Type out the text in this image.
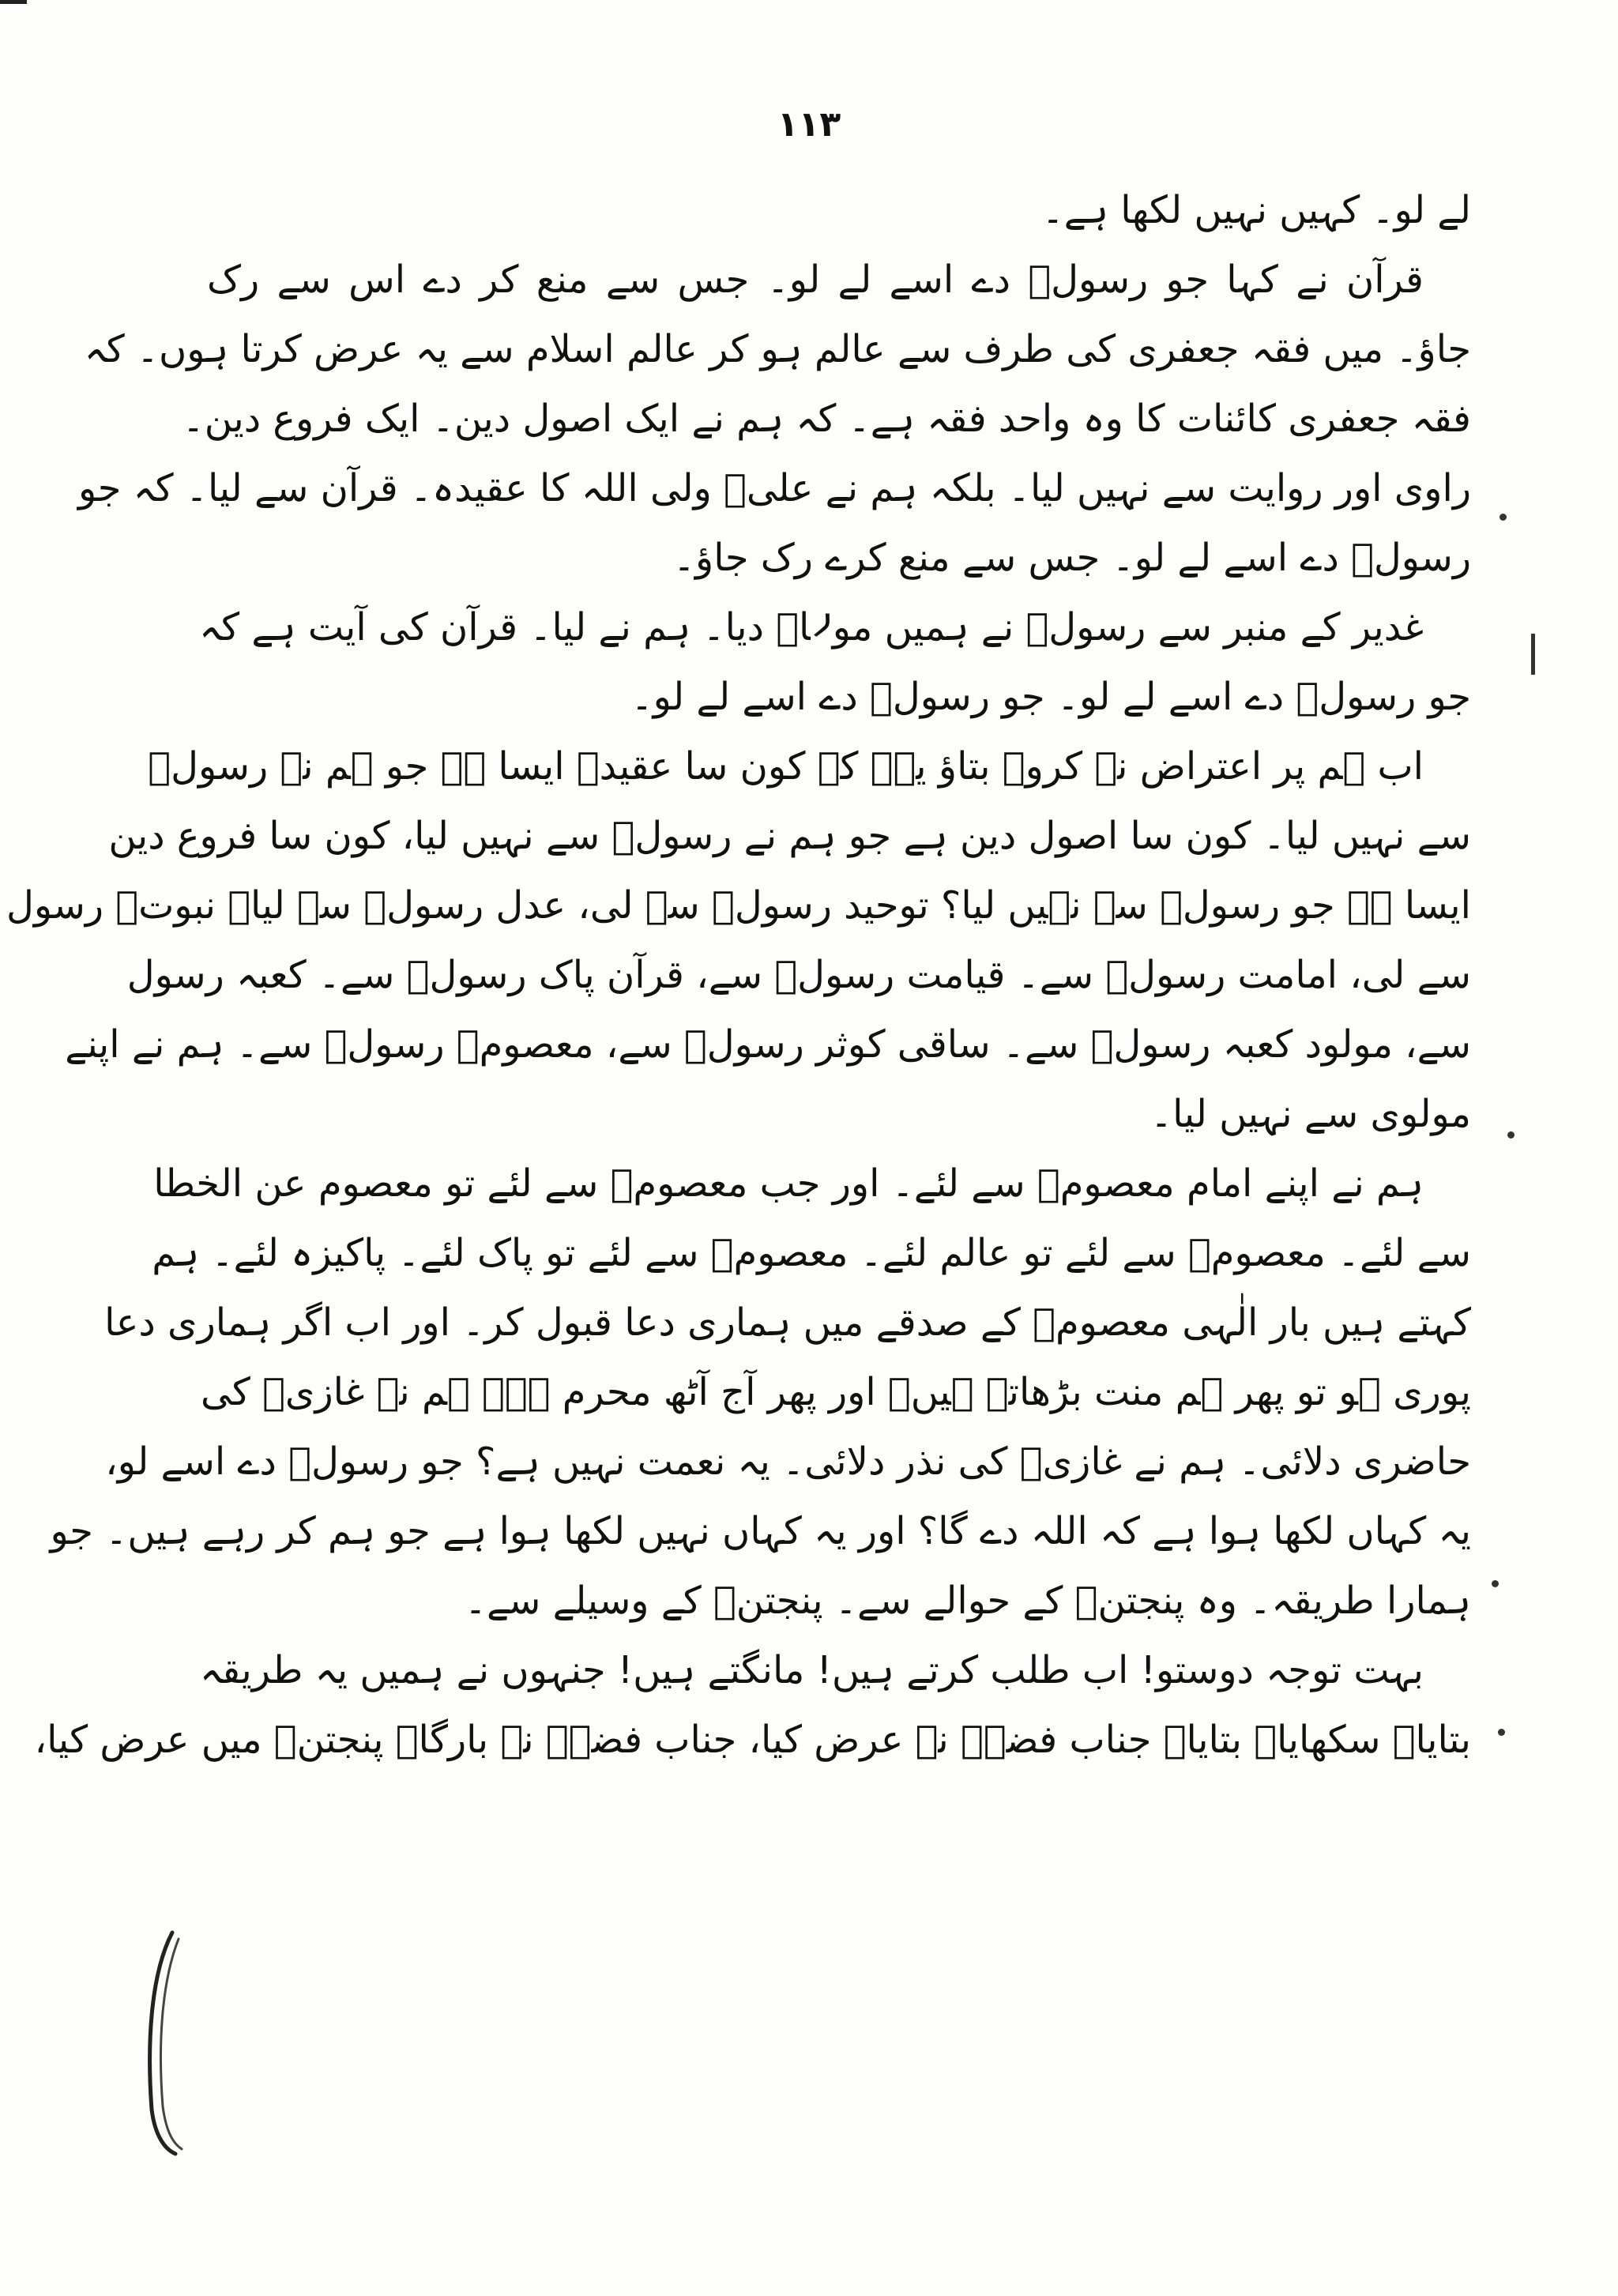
۱۱۳
لے لو۔ کہیں نہیں لکھا ہے۔
قرآن نے کہا جو رسولؐ دے اسے لے لو۔ جس سے منع کر دے اس سے رک
جاؤ۔ میں فقہ جعفری کی طرف سے عالم ہو کر عالم اسلام سے یہ عرض کرتا ہوں۔ کہ
فقہ جعفری کائنات کا وہ واحد فقہ ہے۔ کہ ہم نے ایک اصول دین۔ ایک فروع دین۔
راوی اور روایت سے نہیں لیا۔ بلکہ ہم نے علیؑ ولی اللہ کا عقیدہ۔ قرآن سے لیا۔ کہ جو
رسولؐ دے اسے لے لو۔ جس سے منع کرے رک جاؤ۔
غدیر کے منبر سے رسولؐ نے ہمیں مولاؑ دیا۔ ہم نے لیا۔ قرآن کی آیت ہے کہ
جو رسولؐ دے اسے لے لو۔ جو رسولؐ دے اسے لے لو۔
اب ہم پر اعتراض نہ کرو۔ بتاؤ یہ۔ کہ کون سا عقیدہ ایسا ہے جو ہم نے رسولؐ
سے نہیں لیا۔ کون سا اصول دین ہے جو ہم نے رسولؐ سے نہیں لیا، کون سا فروع دین
ایسا ہے جو رسولؐ سے نہیں لیا؟ توحید رسولؐ سے لی، عدل رسولؐ سے لیا۔ نبوتؐ رسول
سے لی، امامت رسولؐ سے۔ قیامت رسولؐ سے، قرآن پاک رسولؐ سے۔ کعبہ رسول
سے، مولود کعبہ رسولؐ سے۔ ساقی کوثر رسولؐ سے، معصومؑ رسولؐ سے۔ ہم نے اپنے
مولوی سے نہیں لیا۔
ہم نے اپنے امام معصومؑ سے لئے۔ اور جب معصومؑ سے لئے تو معصوم عن الخطا
سے لئے۔ معصومؑ سے لئے تو عالم لئے۔ معصومؑ سے لئے تو پاک لئے۔ پاکیزہ لئے۔ ہم
کہتے ہیں بار الٰہی معصومؑ کے صدقے میں ہماری دعا قبول کر۔ اور اب اگر ہماری دعا
پوری ہو تو پھر ہم منت بڑھاتے ہیں۔ اور پھر آج آٹھ محرم ہے۔ ہم نے غازیؑ کی
حاضری دلائی۔ ہم نے غازیؑ کی نذر دلائی۔ یہ نعمت نہیں ہے؟ جو رسولؐ دے اسے لو،
یہ کہاں لکھا ہوا ہے کہ اللہ دے گا؟ اور یہ کہاں نہیں لکھا ہوا ہے جو ہم کر رہے ہیں۔ جو
ہمارا طریقہ۔ وہ پنجتنؑ کے حوالے سے۔ پنجتنؑ کے وسیلے سے۔
بہت توجہ دوستو! اب طلب کرتے ہیں! مانگتے ہیں! جنہوں نے ہمیں یہ طریقہ
بتایا۔ سکھایا۔ بتایا۔ جناب فضہؑ نے عرض کیا، جناب فضہؑ نے بارگاہ پنجتنؑ میں عرض کیا،
